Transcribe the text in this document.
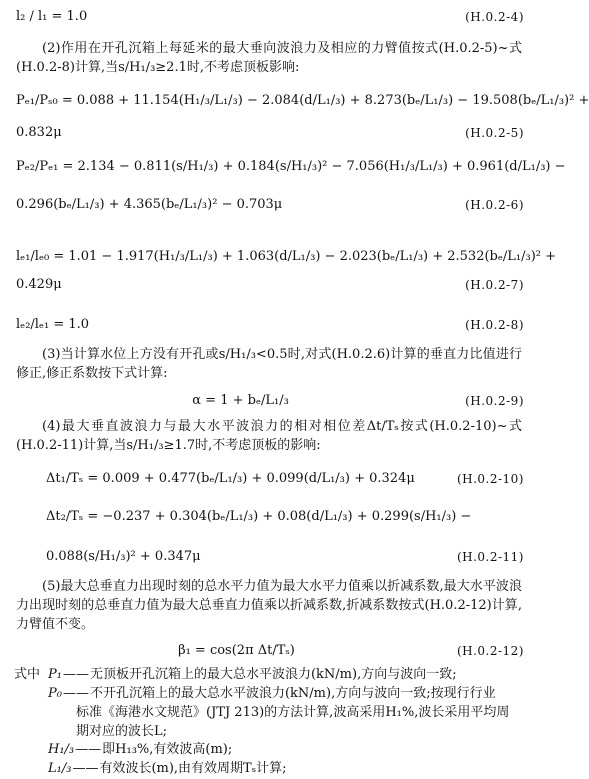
l₂ / l₁ = 1.0	(H.0.2-4)
(2)作用在开孔沉箱上每延米的最大垂向波浪力及相应的力臂值按式(H.0.2-5)~式(H.0.2-8)计算,当s/H₁/₃≥2.1时,不考虑顶板影响:
Pₑ₁/Pₛ₀ = 0.088 + 11.154(H₁/₃/L₁/₃) − 2.084(d/L₁/₃) + 8.273(bₑ/L₁/₃) − 19.508(bₑ/L₁/₃)² +
0.832μ	(H.0.2-5)
Pₑ₂/Pₑ₁ = 2.134 − 0.811(s/H₁/₃) + 0.184(s/H₁/₃)² − 7.056(H₁/₃/L₁/₃) + 0.961(d/L₁/₃) −
0.296(bₑ/L₁/₃) + 4.365(bₑ/L₁/₃)² − 0.703μ	(H.0.2-6)
lₑ₁/lₑ₀ = 1.01 − 1.917(H₁/₃/L₁/₃) + 1.063(d/L₁/₃) − 2.023(bₑ/L₁/₃) + 2.532(bₑ/L₁/₃)² +
0.429μ	(H.0.2-7)
lₑ₂/lₑ₁ = 1.0	(H.0.2-8)
(3)当计算水位上方没有开孔或s/H₁/₃<0.5时,对式(H.0.2.6)计算的垂直力比值进行修正,修正系数按下式计算:
α = 1 + bₑ/L₁/₃	(H.0.2-9)
(4)最大垂直波浪力与最大水平波浪力的相对相位差Δt/Tₛ按式(H.0.2-10)~式(H.0.2-11)计算,当s/H₁/₃≥1.7时,不考虑顶板的影响:
Δt₁/Tₛ = 0.009 + 0.477(bₑ/L₁/₃) + 0.099(d/L₁/₃) + 0.324μ	(H.0.2-10)
Δt₂/Tₛ = −0.237 + 0.304(bₑ/L₁/₃) + 0.08(d/L₁/₃) + 0.299(s/H₁/₃) −
0.088(s/H₁/₃)² + 0.347μ	(H.0.2-11)
(5)最大总垂直力出现时刻的总水平力值为最大水平力值乘以折减系数,最大水平波浪力出现时刻的总垂直力值为最大总垂直力值乘以折减系数,折减系数按式(H.0.2-12)计算,力臂值不变。
β₁ = cos(2π Δt/Tₛ)	(H.0.2-12)
式中 P₁ —— 无顶板开孔沉箱上的最大总水平波浪力(kN/m),方向与波向一致;
P₀ —— 不开孔沉箱上的最大总水平波浪力(kN/m),方向与波向一致;按现行行业
标准《海港水文规范》(JTJ 213)的方法计算,波高采用H₁%,波长采用平均周期对应的波长L;
H₁/₃ —— 即H₁₃%,有效波高(m);
L₁/₃ —— 有效波长(m),由有效周期Tₛ计算;
